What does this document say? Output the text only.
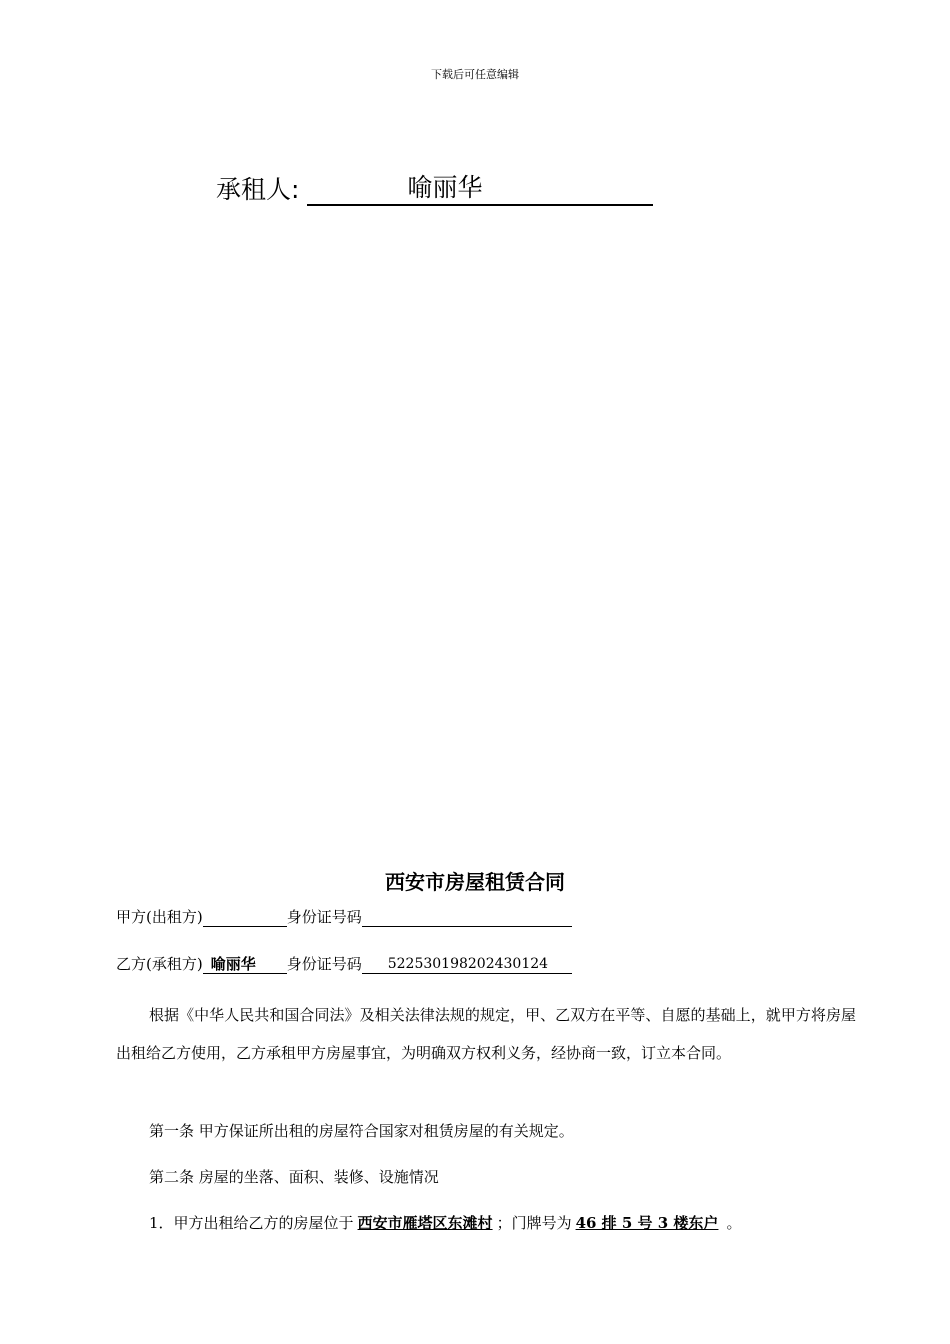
下载后可任意编辑
承租人:	喻丽华
西安市房屋租赁合同
甲方(出租方)	身份证号码
乙方(承租方) 喻丽华 身份证号码 522530198202430124
根据《中华人民共和国合同法》及相关法律法规的规定，甲、乙双方在平等、自愿的基础上，就甲方将房屋出租给乙方使用，乙方承租甲方房屋事宜，为明确双方权利义务，经协商一致，订立本合同。
第一条 甲方保证所出租的房屋符合国家对租赁房屋的有关规定。
第二条 房屋的坐落、面积、装修、设施情况
1．甲方出租给乙方的房屋位于 西安市雁塔区东滩村 ；门牌号为 46 排 5 号 3 楼东户 。
